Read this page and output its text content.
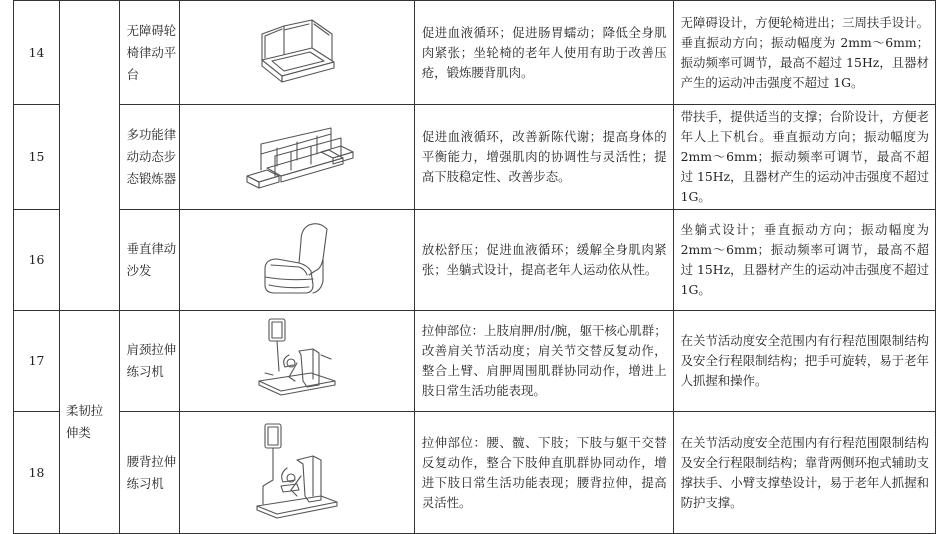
14		无障碍轮椅律动平台		促进血液循环；促进肠胃蠕动；降低全身肌肉紧张；坐轮椅的老年人使用有助于改善压疮，锻炼腰背肌肉。	无障碍设计，方便轮椅进出；三周扶手设计。垂直振动方向；振动幅度为 2mm～6mm；振动频率可调节，最高不超过 15Hz，且器材产生的运动冲击强度不超过 1G。
15		多功能律动动态步态锻炼器		促进血液循环，改善新陈代谢；提高身体的平衡能力，增强肌肉的协调性与灵活性；提高下肢稳定性、改善步态。	带扶手，提供适当的支撑；台阶设计，方便老年人上下机台。垂直振动方向；振动幅度为 2mm～6mm；振动频率可调节，最高不超过 15Hz，且器材产生的运动冲击强度不超过 1G。
16		垂直律动沙发		放松舒压；促进血液循环；缓解全身肌肉紧张；坐躺式设计，提高老年人运动依从性。	坐躺式设计；垂直振动方向；振动幅度为 2mm～6mm；振动频率可调节，最高不超过 15Hz，且器材产生的运动冲击强度不超过 1G。
17	柔韧拉伸类	肩颈拉伸练习机		拉伸部位：上肢肩胛/肘/腕，躯干核心肌群；改善肩关节活动度；肩关节交替反复动作，整合上臂、肩胛周围肌群协同动作，增进上肢日常生活功能表现。	在关节活动度安全范围内有行程范围限制结构及安全行程限制结构；把手可旋转，易于老年人抓握和操作。
18		腰背拉伸练习机		拉伸部位：腰、髋、下肢；下肢与躯干交替反复动作，整合下肢伸直肌群协同动作，增进下肢日常生活功能表现；腰背拉伸，提高灵活性。	在关节活动度安全范围内有行程范围限制结构及安全行程限制结构；靠背两侧环抱式辅助支撑扶手、小臂支撑垫设计，易于老年人抓握和防护支撑。
